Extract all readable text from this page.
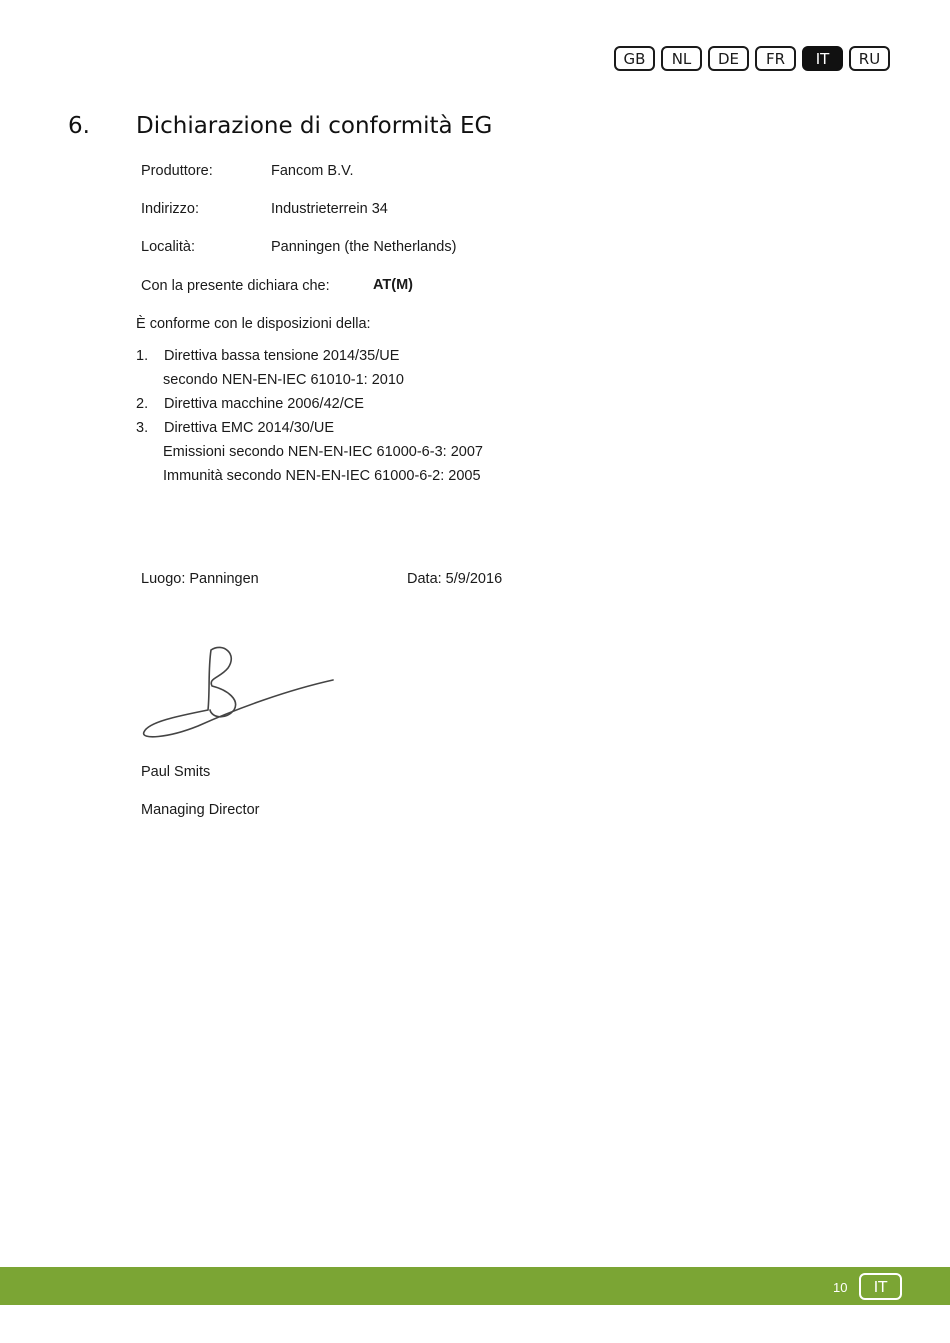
GB	NL	DE	FR	IT	RU
6.	Dichiarazione di conformità EG
Produttore:	Fancom B.V.
Indirizzo:	Industrieterrein 34
Località:	Panningen (the Netherlands)
Con la presente dichiara che:	AT(M)
È conforme con le disposizioni della:
1.	Direttiva bassa tensione 2014/35/UE
secondo NEN-EN-IEC 61010-1: 2010
2.	Direttiva macchine 2006/42/CE
3.	Direttiva EMC 2014/30/UE
Emissioni secondo NEN-EN-IEC 61000-6-3: 2007
Immunità secondo NEN-EN-IEC 61000-6-2: 2005
Luogo: Panningen	Data: 5/9/2016
Paul Smits
Managing Director
10	IT
